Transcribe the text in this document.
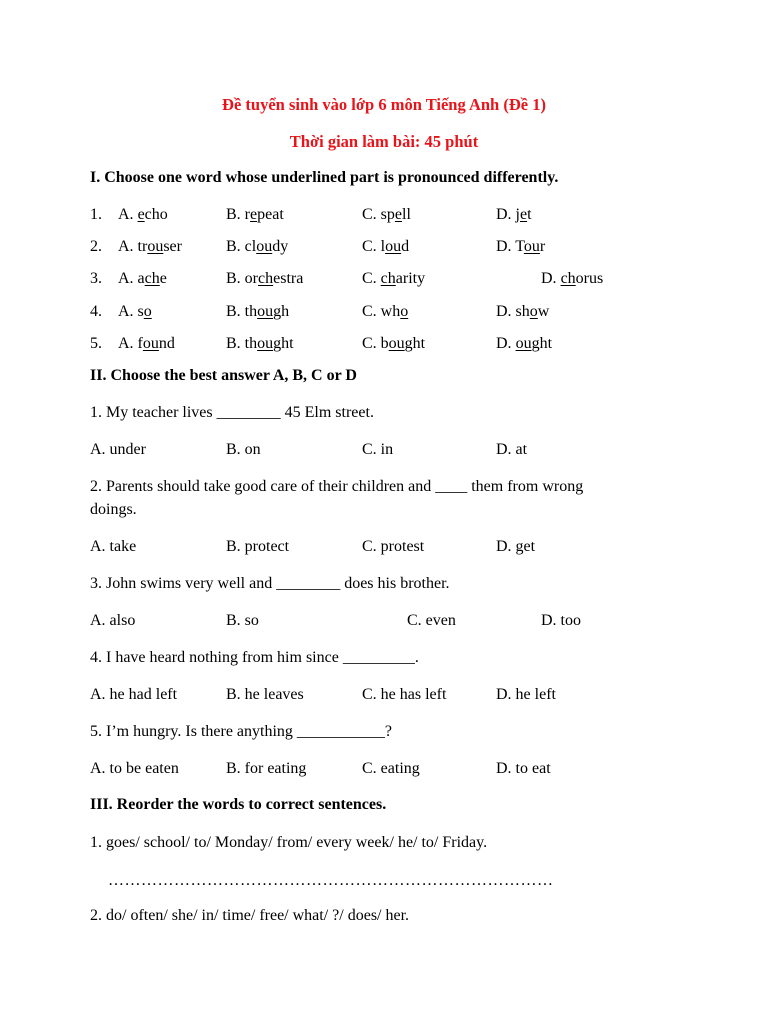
Đề tuyển sinh vào lớp 6 môn Tiếng Anh (Đề 1)
Thời gian làm bài: 45 phút
I. Choose one word whose underlined part is pronounced differently.
1. A. echo	B. repeat	C. spell	D. jet
2. A. trouser	B. cloudy	C. loud	D. Tour
3. A. ache	B. orchestra	C. charity	D. chorus
4. A. so	B. though	C. who	D. show
5. A. found	B. thought	C. bought	D. ought
II. Choose the best answer A, B, C or D
1. My teacher lives ________ 45 Elm street.
A. under	B. on	C. in	D. at
2. Parents should take good care of their children and ____ them from wrong
doings.
A. take	B. protect	C. protest	D. get
3. John swims very well and ________ does his brother.
A. also	B. so	C. even	D. too
4. I have heard nothing from him since _________.
A. he had left	B. he leaves	C. he has left	D. he left
5. I’m hungry. Is there anything ___________?
A. to be eaten	B. for eating	C. eating	D. to eat
III. Reorder the words to correct sentences.
1. goes/ school/ to/ Monday/ from/ every week/ he/ to/ Friday.
………………………………………………………………………
2. do/ often/ she/ in/ time/ free/ what/ ?/ does/ her.
